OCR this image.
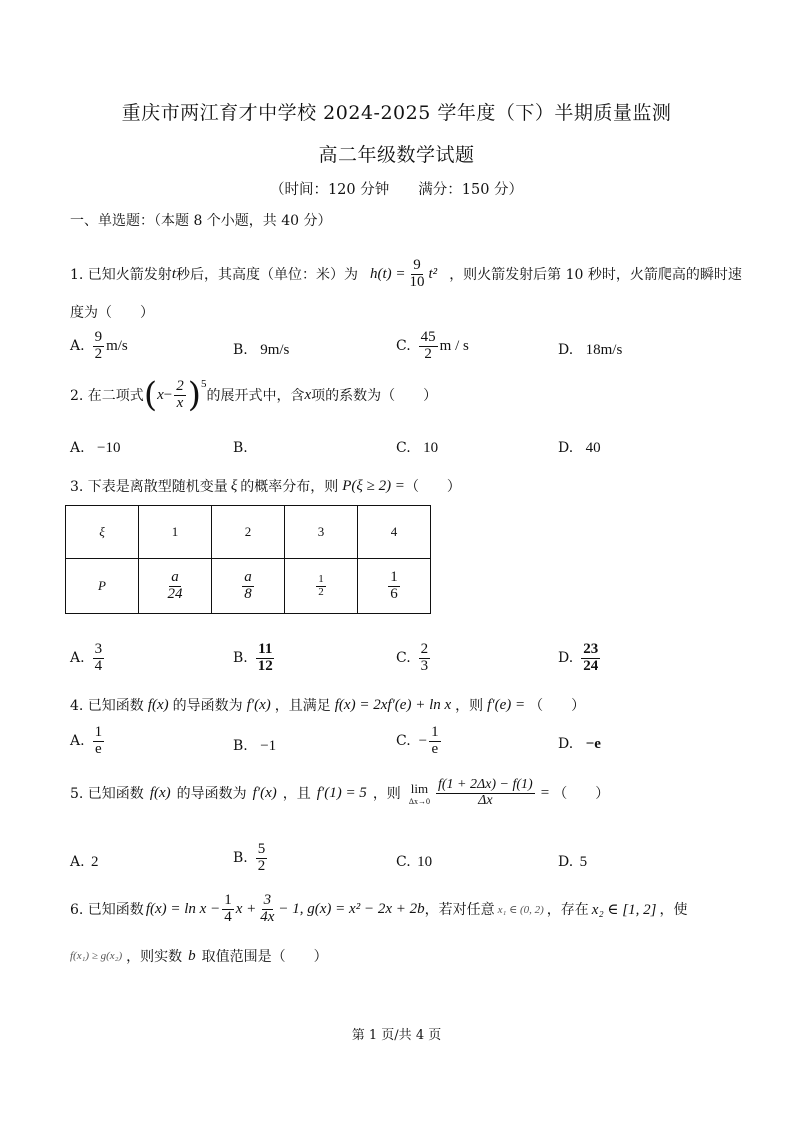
重庆市两江育才中学校 2024-2025 学年度（下）半期质量监测
高二年级数学试题
（时间：120 分钟　　满分：150 分）
一、单选题：（本题 8 个小题，共 40 分）
1. 已知火箭发射 t 秒后，其高度（单位：米）为 $h(t) = \frac{9}{10} t^2$ ，则火箭发射后第 10 秒时，火箭爬高的瞬时速
度为（　　）
A. $\frac{9}{2} m/s$	B. 9m/s	C. $\frac{45}{2}$ m / s	D. 18m/s
2. 在二项式 ( $x - \frac{2}{x} )^5$
的展开式中，含 x 项的系数为（　　）
A. −10	B.	C. 10	D. 40
3. 下表是离散型随机变量 ξ 的概率分布，则 P(ξ ≥ 2) = （　　）
ξ	1	2	3	4
P	$\frac{a}{24}$	$\frac{a}{8}$	$\frac{1}{2}$	$\frac{1}{6}$
A. $\frac{3}{4}$	B. $\frac{11}{12}$	C. $\frac{2}{3}$	D. $\frac{23}{24}$
4. 已知函数 f(x) 的导函数为 f′(x) ，且满足 f(x) = 2xf′(e) + ln x ，则 f′(e) = （　　）
A. $\frac{1}{e}$	B. −1	C. − $\frac{1}{e}$	D. −e
5. 已知函数 f(x) 的导函数为 f′(x) ，且 f′(1) = 5 ，则 lim
$\Delta x\to 0 \frac{f(1 + 2\Delta x) - f(1)}{\Delta x}$ = （　　）
A. 2	B. $\frac{5}{2}$	C. 10	D. 5
6. 已知函数 $f(x) = \ln x - \frac{1}{4}$ $x + \frac{3}{4x} - 1$, g(x) = x² − 2x + 2b ，若对任意 x₁ ∈ (0, 2) ，存在 x₂ ∈ [1, 2] ，使
f(x₁) ≥ g(x₂) ，则实数 b 取值范围是（　　）
第 1 页/共 4 页
